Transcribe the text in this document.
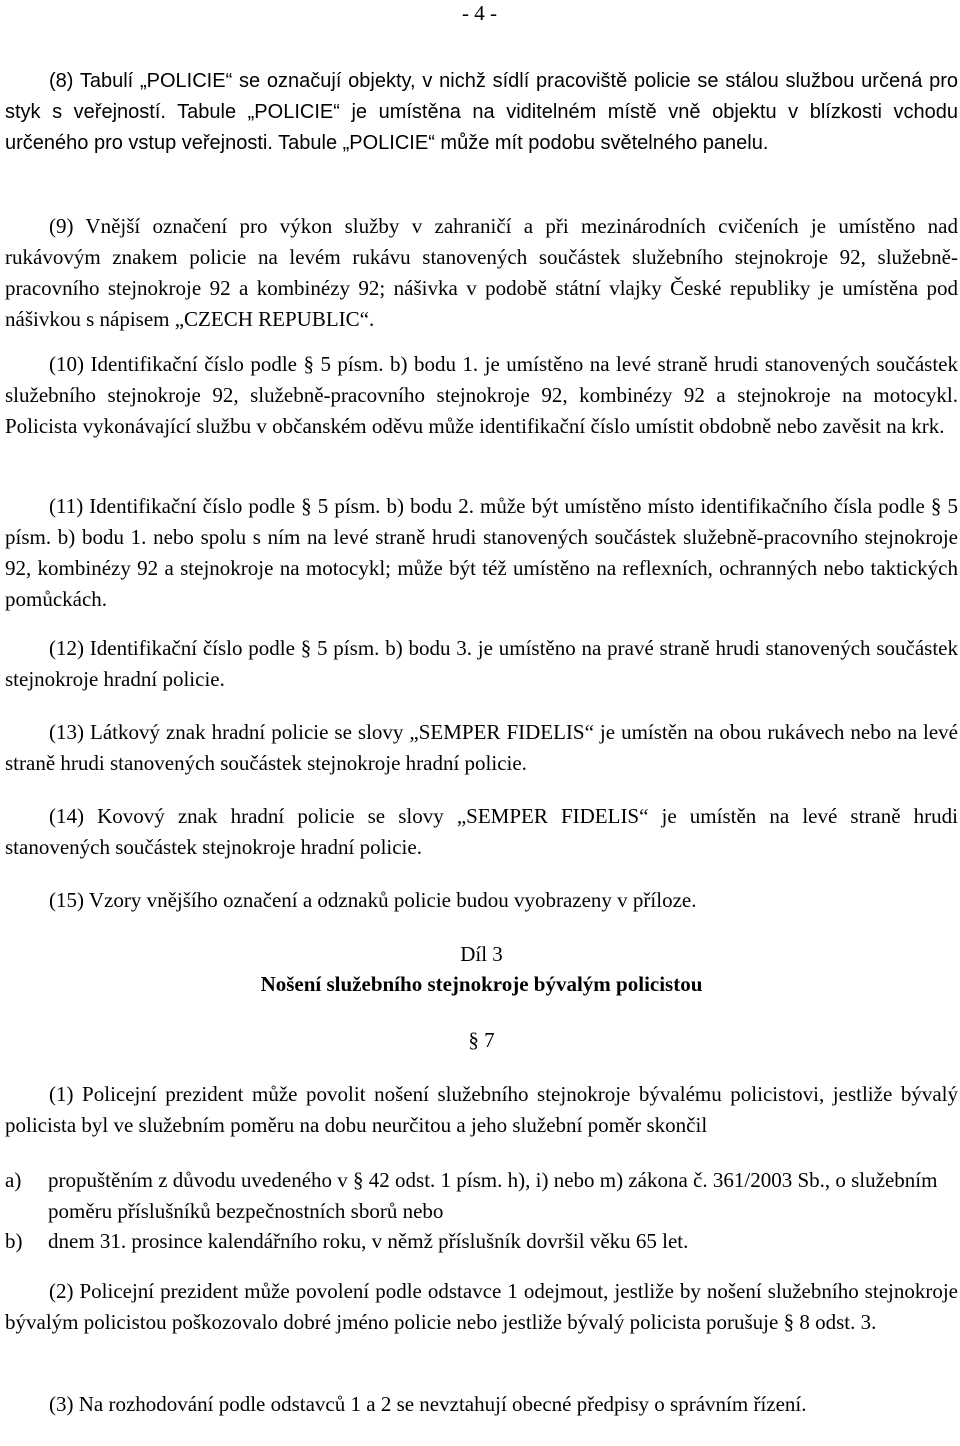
- 4 -

(8) Tabulí „POLICIE“ se označují objekty, v nichž sídlí pracoviště policie se stálou službou určená pro styk s veřejností. Tabule „POLICIE“ je umístěna na viditelném místě vně objektu v blízkosti vchodu určeného pro vstup veřejnosti. Tabule „POLICIE“ může mít podobu světelného panelu.

(9) Vnější označení pro výkon služby v zahraničí a při mezinárodních cvičeních je umístěno nad rukávovým znakem policie na levém rukávu stanovených součástek služebního stejnokroje 92, služebně-pracovního stejnokroje 92 a kombinézy 92; nášivka v podobě státní vlajky České republiky je umístěna pod nášivkou s nápisem „CZECH REPUBLIC“.

(10) Identifikační číslo podle § 5 písm. b) bodu 1. je umístěno na levé straně hrudi stanovených součástek služebního stejnokroje 92, služebně-pracovního stejnokroje 92, kombinézy 92 a stejnokroje na motocykl. Policista vykonávající službu v občanském oděvu může identifikační číslo umístit obdobně nebo zavěsit na krk.

(11) Identifikační číslo podle § 5 písm. b) bodu 2. může být umístěno místo identifikačního čísla podle § 5 písm. b) bodu 1. nebo spolu s ním na levé straně hrudi stanovených součástek služebně-pracovního stejnokroje 92, kombinézy 92 a stejnokroje na motocykl; může být též umístěno na reflexních, ochranných nebo taktických pomůckách.

(12) Identifikační číslo podle § 5 písm. b) bodu 3. je umístěno na pravé straně hrudi stanovených součástek stejnokroje hradní policie.

(13) Látkový znak hradní policie se slovy „SEMPER FIDELIS“ je umístěn na obou rukávech nebo na levé straně hrudi stanovených součástek stejnokroje hradní policie.

(14) Kovový znak hradní policie se slovy „SEMPER FIDELIS“ je umístěn na levé straně hrudi stanovených součástek stejnokroje hradní policie.

(15) Vzory vnějšího označení a odznaků policie budou vyobrazeny v příloze.

Díl 3

Nošení služebního stejnokroje bývalým policistou

§ 7

(1) Policejní prezident může povolit nošení služebního stejnokroje bývalému policistovi, jestliže bývalý policista byl ve služebním poměru na dobu neurčitou a jeho služební poměr skončil

a) propuštěním z důvodu uvedeného v § 42 odst. 1 písm. h), i) nebo m) zákona č. 361/2003 Sb., o služebním poměru příslušníků bezpečnostních sborů nebo
b) dnem 31. prosince kalendářního roku, v němž příslušník dovršil věku 65 let.

(2) Policejní prezident může povolení podle odstavce 1 odejmout, jestliže by nošení služebního stejnokroje bývalým policistou poškozovalo dobré jméno policie nebo jestliže bývalý policista porušuje § 8 odst. 3.

(3) Na rozhodování podle odstavců 1 a 2 se nevztahují obecné předpisy o správním řízení.
